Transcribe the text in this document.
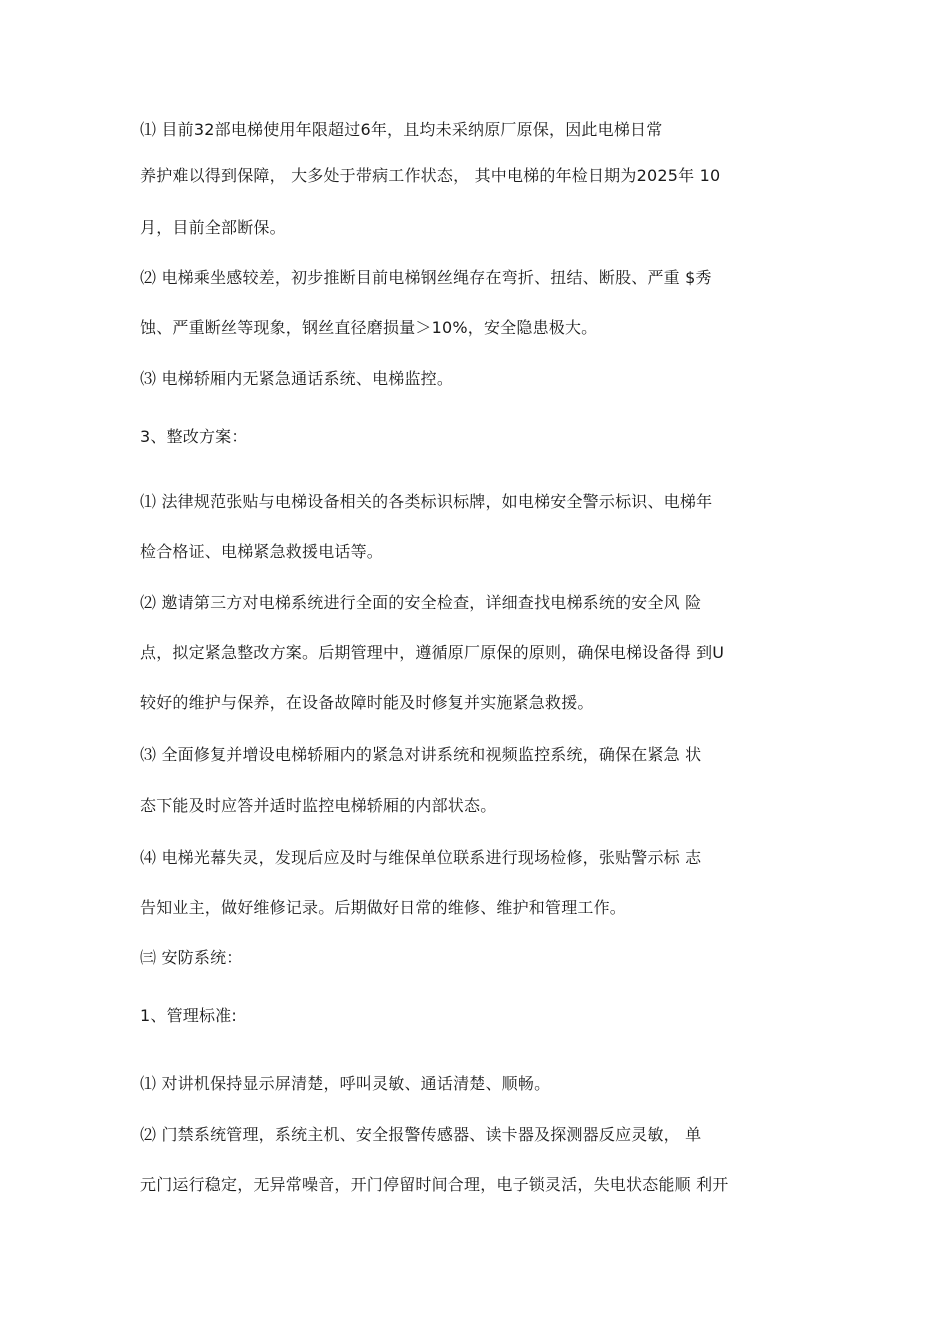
⑴ 目前32部电梯使用年限超过6年，且均未采纳原厂原保，因此电梯日常
养护难以得到保障， 大多处于带病工作状态， 其中电梯的年检日期为2025年 10
月，目前全部断保。
⑵ 电梯乘坐感较差，初步推断目前电梯钢丝绳存在弯折、扭结、断股、严重 $秀
蚀、严重断丝等现象，钢丝直径磨损量＞10%，安全隐患极大。
⑶ 电梯轿厢内无紧急通话系统、电梯监控。
3、整改方案：
⑴ 法律规范张贴与电梯设备相关的各类标识标牌，如电梯安全警示标识、电梯年
检合格证、电梯紧急救援电话等。
⑵ 邀请第三方对电梯系统进行全面的安全检查，详细查找电梯系统的安全风 险
点，拟定紧急整改方案。后期管理中，遵循原厂原保的原则，确保电梯设备得 到U
较好的维护与保养，在设备故障时能及时修复并实施紧急救援。
⑶ 全面修复并增设电梯轿厢内的紧急对讲系统和视频监控系统，确保在紧急 状
态下能及时应答并适时监控电梯轿厢的内部状态。
⑷ 电梯光幕失灵，发现后应及时与维保单位联系进行现场检修，张贴警示标 志
告知业主，做好维修记录。后期做好日常的维修、维护和管理工作。
㈢ 安防系统：
1、管理标准:
⑴ 对讲机保持显示屏清楚，呼叫灵敏、通话清楚、顺畅。
⑵ 门禁系统管理，系统主机、安全报警传感器、读卡器及探测器反应灵敏， 单
元门运行稳定，无异常噪音，开门停留时间合理，电子锁灵活，失电状态能顺 利开
